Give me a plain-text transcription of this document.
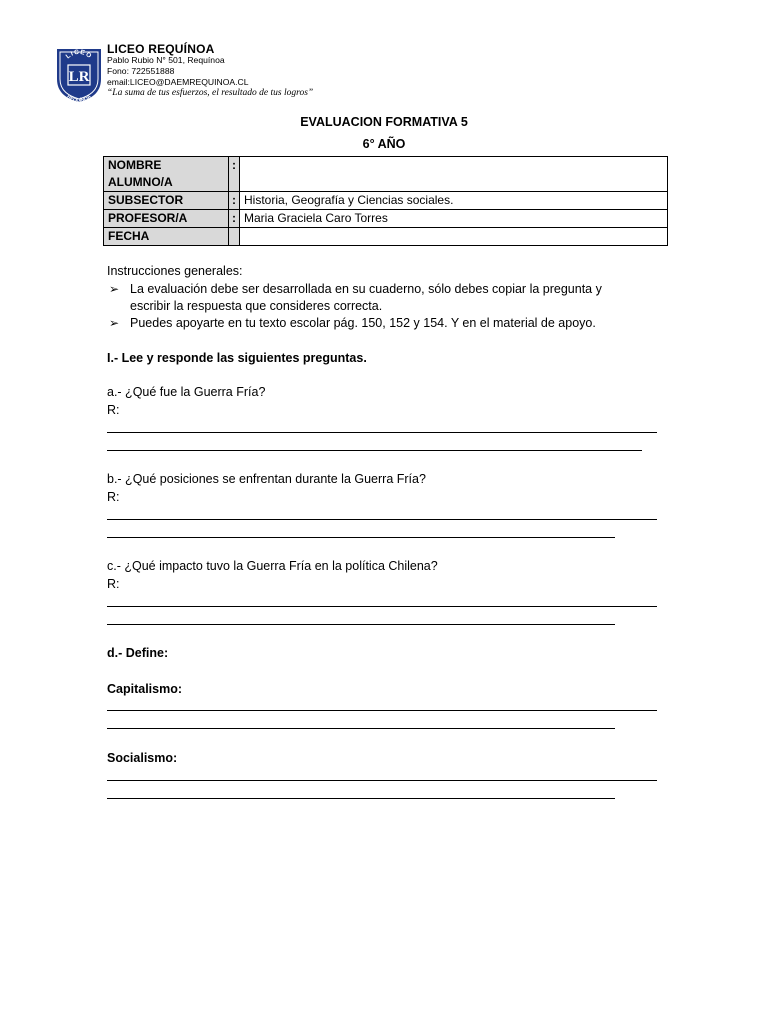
LICEO
LR
REQUÍNOA
LICEO REQUÍNOA
Pablo Rubio N° 501, Requínoa
Fono: 722551888
email:LICEO@DAEMREQUINOA.CL
“La suma de tus esfuerzos, el resultado de tus logros”
EVALUACION FORMATIVA 5
6° AÑO
NOMBRE ALUMNO/A	:	
SUBSECTOR	:	Historia, Geografía y Ciencias sociales.
PROFESOR/A	:	Maria Graciela Caro Torres
FECHA		
Instrucciones generales:
➢ La evaluación debe ser desarrollada en su cuaderno, sólo debes copiar la pregunta y escribir la respuesta que consideres correcta.
➢ Puedes apoyarte en tu texto escolar pág. 150, 152 y 154. Y en el material de apoyo.
I.- Lee y responde las siguientes preguntas.
a.- ¿Qué fue la Guerra Fría?
R:
b.- ¿Qué posiciones se enfrentan durante la Guerra Fría?
R:
c.- ¿Qué impacto tuvo la Guerra Fría en la política Chilena?
R:
d.- Define:
Capitalismo:
Socialismo:
